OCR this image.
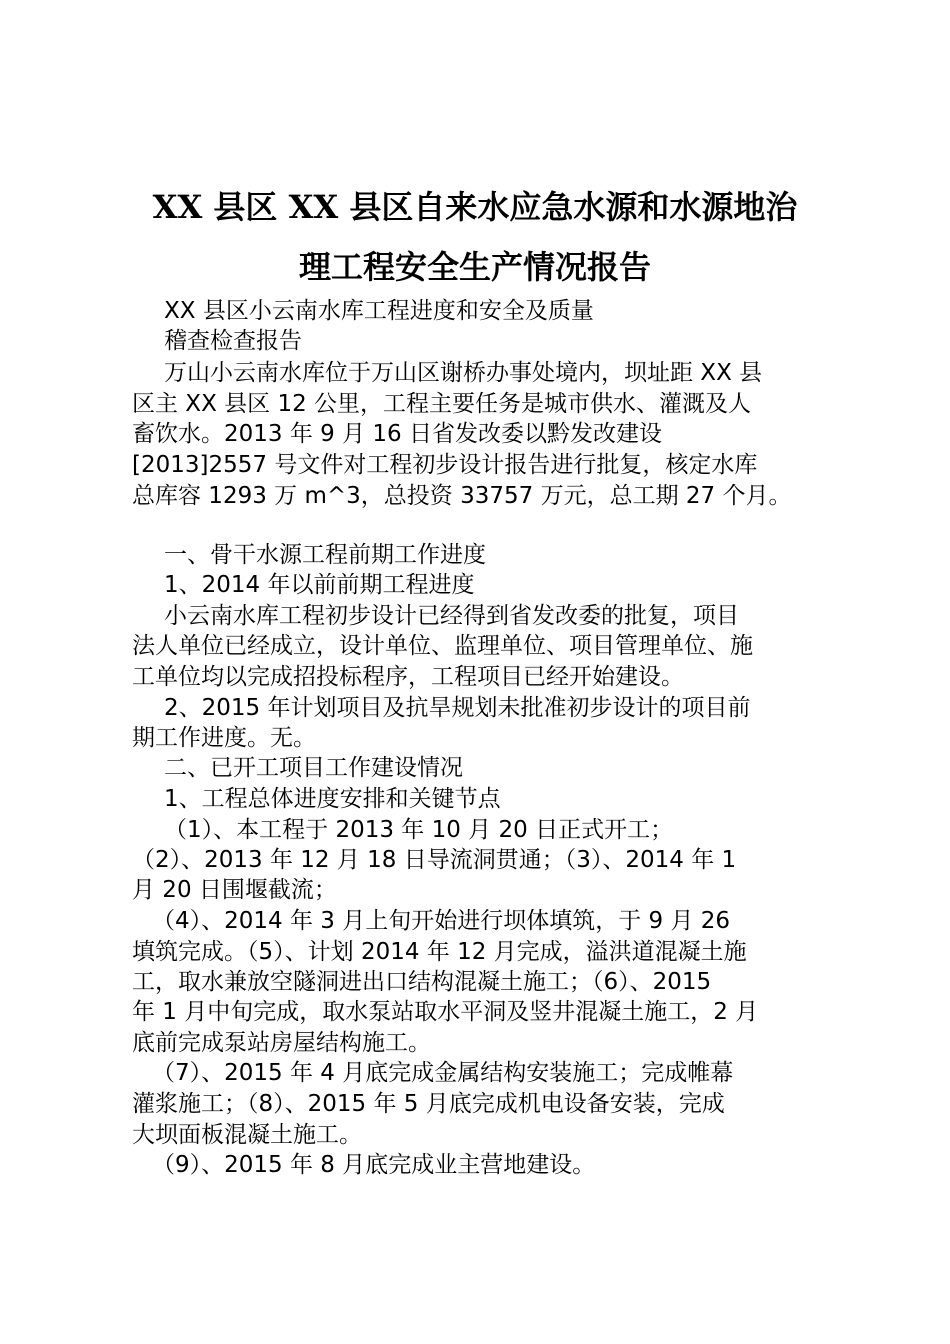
XX 县区 XX 县区自来水应急水源和水源地治
理工程安全生产情况报告
XX 县区小云南水库工程进度和安全及质量
稽查检查报告
万山小云南水库位于万山区谢桥办事处境内，坝址距 XX 县
区主 XX 县区 12 公里，工程主要任务是城市供水、灌溉及人
畜饮水。2013 年 9 月 16 日省发改委以黔发改建设
[2013]2557 号文件对工程初步设计报告进行批复，核定水库
总库容 1293 万 m^3，总投资 33757 万元，总工期 27 个月。
一、骨干水源工程前期工作进度
1、2014 年以前前期工程进度
小云南水库工程初步设计已经得到省发改委的批复，项目
法人单位已经成立，设计单位、监理单位、项目管理单位、施
工单位均以完成招投标程序，工程项目已经开始建设。
2、2015 年计划项目及抗旱规划未批准初步设计的项目前
期工作进度。无。
二、已开工项目工作建设情况
1、工程总体进度安排和关键节点
（1）、本工程于 2013 年 10 月 20 日正式开工；
（2）、2013 年 12 月 18 日导流洞贯通；（3）、2014 年 1
月 20 日围堰截流；
（4）、2014 年 3 月上旬开始进行坝体填筑，于 9 月 26
填筑完成。（5）、计划 2014 年 12 月完成，溢洪道混凝土施
工，取水兼放空隧洞进出口结构混凝土施工；（6）、2015
年 1 月中旬完成，取水泵站取水平洞及竖井混凝土施工，2 月
底前完成泵站房屋结构施工。
（7）、2015 年 4 月底完成金属结构安装施工；完成帷幕
灌浆施工；（8）、2015 年 5 月底完成机电设备安装，完成
大坝面板混凝土施工。
（9）、2015 年 8 月底完成业主营地建设。
